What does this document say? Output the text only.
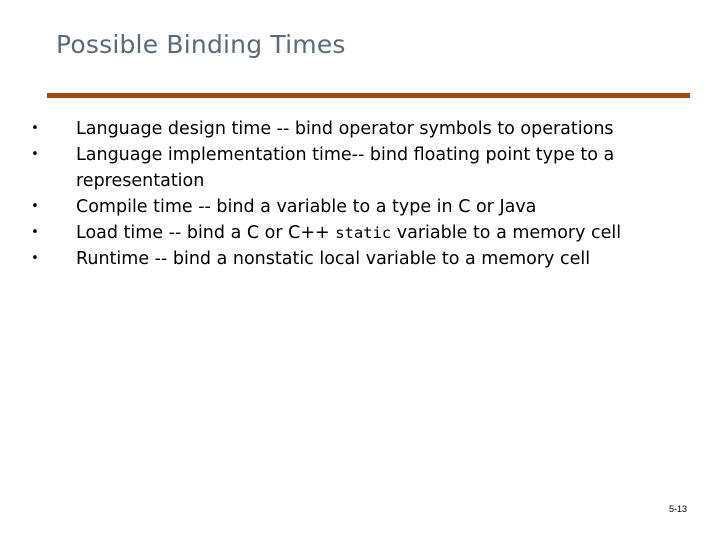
Possible Binding Times
• Language design time -- bind operator symbols to operations
• Language implementation time-- bind floating point type to a representation
• Compile time -- bind a variable to a type in C or Java
• Load time -- bind a C or C++ static variable to a memory cell
• Runtime -- bind a nonstatic local variable to a memory cell
5-13
